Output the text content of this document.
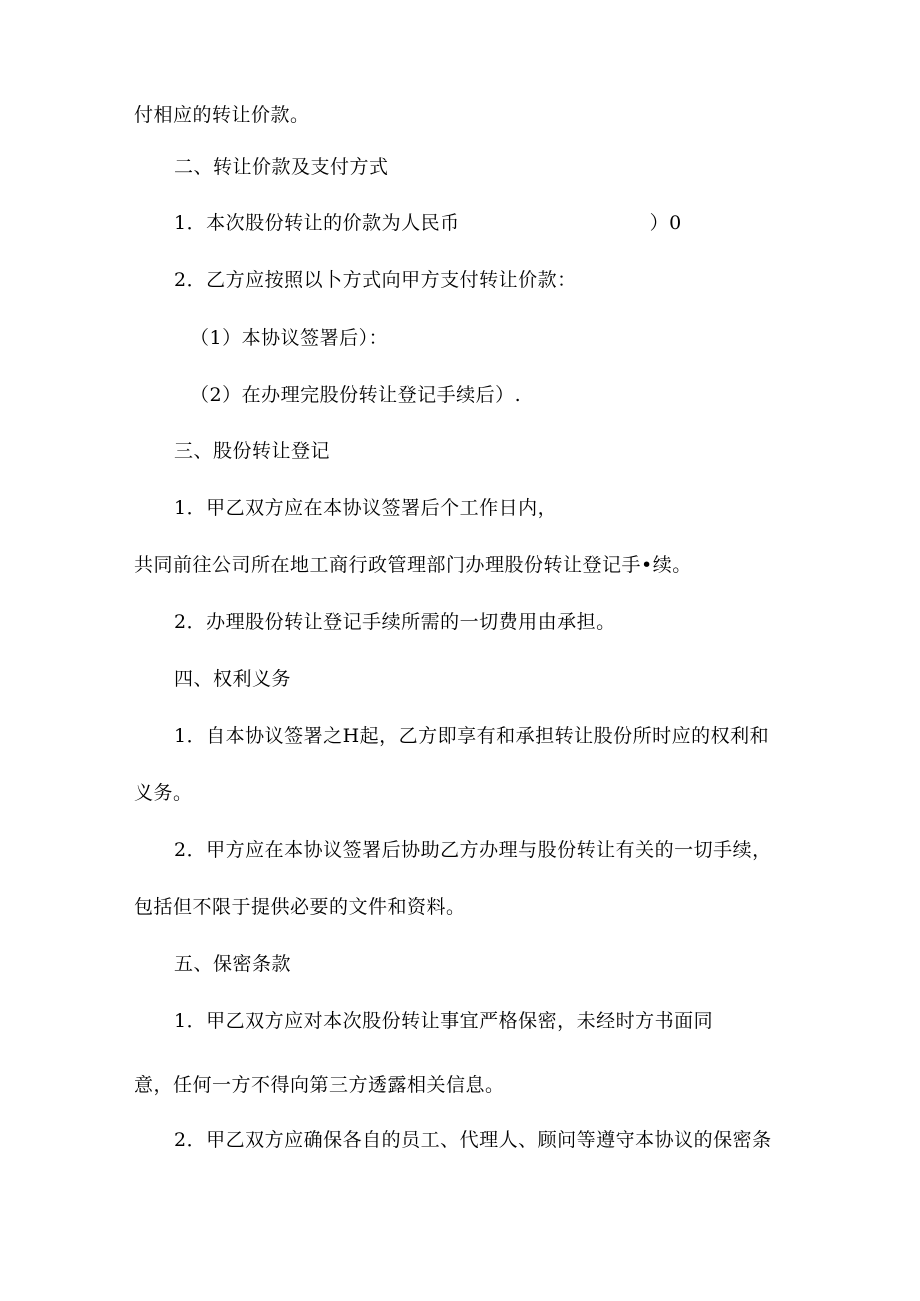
付相应的转让价款。
二、转让价款及支付方式
1．本次股份转让的价款为人民币	）0
2．乙方应按照以卜方式向甲方支付转让价款：
（1）本协议签署后）：
（2）在办理完股份转让登记手续后）.
三、股份转让登记
1．甲乙双方应在本协议签署后个工作日内，
共同前往公司所在地工商行政管理部门办理股份转让登记手•续。
2．办理股份转让登记手续所需的一切费用由承担。
四、权利义务
1．自本协议签署之H起，乙方即享有和承担转让股份所时应的权利和
义务。
2．甲方应在本协议签署后协助乙方办理与股份转让有关的一切手续，
包括但不限于提供必要的文件和资料。
五、保密条款
1．甲乙双方应对本次股份转让事宜严格保密，未经时方书面同
意，任何一方不得向第三方透露相关信息。
2．甲乙双方应确保各自的员工、代理人、顾问等遵守本协议的保密条
